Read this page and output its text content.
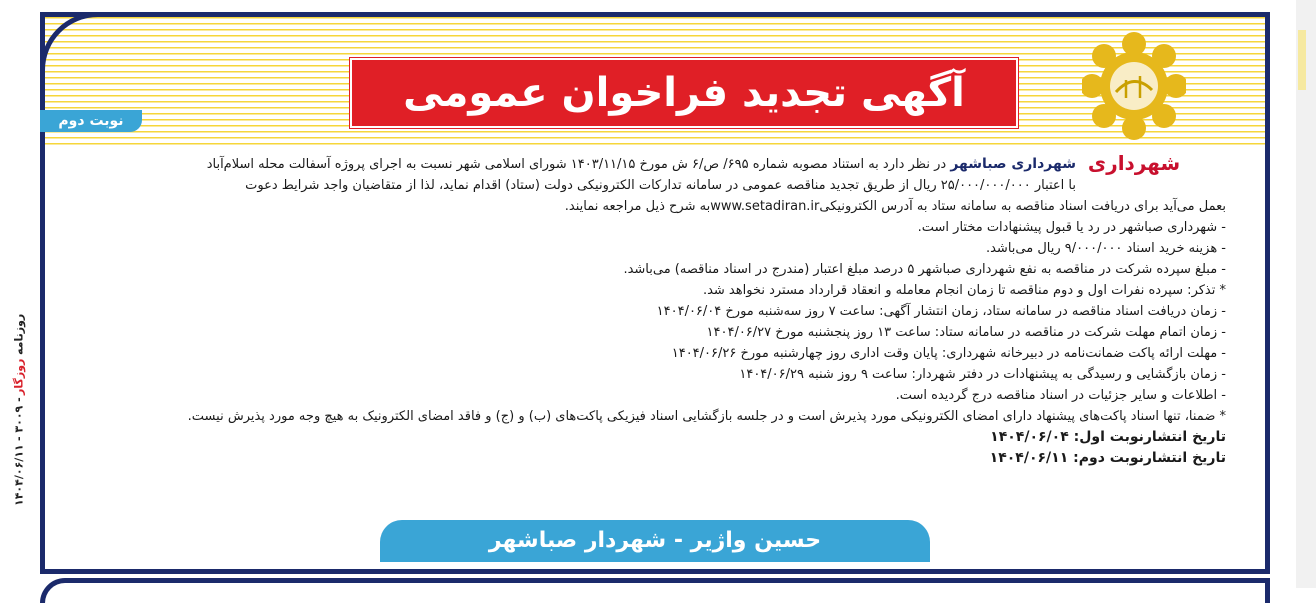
روزنامه
روزگار
- ۳۰۰۹ -
۱۴۰۴/۰۶/۱۱
آگهی تجدید فراخوان عمومی
نوبت دوم
شهرداری
شهرداری صباشهر در نظر دارد به استناد مصوبه شماره ۶۹۵/ ص/۶ ش مورخ ۱۴۰۳/۱۱/۱۵ شورای اسلامی شهر نسبت به اجرای پروژه آسفالت محله اسلام‌آباد
با اعتبار ۲۵/۰۰۰/۰۰۰/۰۰۰ ریال از طریق تجدید مناقصه عمومی در سامانه تدارکات الکترونیکی دولت (ستاد) اقدام نماید، لذا از متقاضیان واجد شرایط دعوت
بعمل می‌آید برای دریافت اسناد مناقصه به سامانه ستاد به آدرس الکترونیکیwww.setadiran.irبه شرح ذیل مراجعه نمایند.
- شهرداری صباشهر در رد یا قبول پیشنهادات مختار است.
- هزینه خرید اسناد ۹/۰۰۰/۰۰۰ ریال می‌باشد.
- مبلغ سپرده شرکت در مناقصه به نفع شهرداری صباشهر ۵ درصد مبلغ اعتبار (مندرج در اسناد مناقصه) می‌باشد.
* تذکر: سپرده نفرات اول و دوم مناقصه تا زمان انجام معامله و انعقاد قرارداد مسترد نخواهد شد.
- زمان دریافت اسناد مناقصه در سامانه ستاد، زمان انتشار آگهی: ساعت ۷ روز سه‌شنبه مورخ ۱۴۰۴/۰۶/۰۴
- زمان اتمام مهلت شرکت در مناقصه در سامانه ستاد: ساعت ۱۳ روز پنجشنبه مورخ ۱۴۰۴/۰۶/۲۷
- مهلت ارائه پاکت ضمانت‌نامه در دبیرخانه شهرداری: پایان وقت اداری روز چهارشنبه مورخ ۱۴۰۴/۰۶/۲۶
- زمان بازگشایی و رسیدگی به پیشنهادات در دفتر شهردار: ساعت ۹ روز شنبه ۱۴۰۴/۰۶/۲۹
- اطلاعات و سایر جزئیات در اسناد مناقصه درج گردیده است.
* ضمنا، تنها اسناد پاکت‌های پیشنهاد دارای امضای الکترونیکی مورد پذیرش است و در جلسه بازگشایی اسناد فیزیکی پاکت‌های (ب) و (ج) و فاقد امضای الکترونیک به هیچ وجه مورد پذیرش نیست.
تاریخ انتشارنوبت اول: ۱۴۰۴/۰۶/۰۴
تاریخ انتشارنوبت دوم: ۱۴۰۴/۰۶/۱۱
حسین واژیر - شهردار صباشهر
